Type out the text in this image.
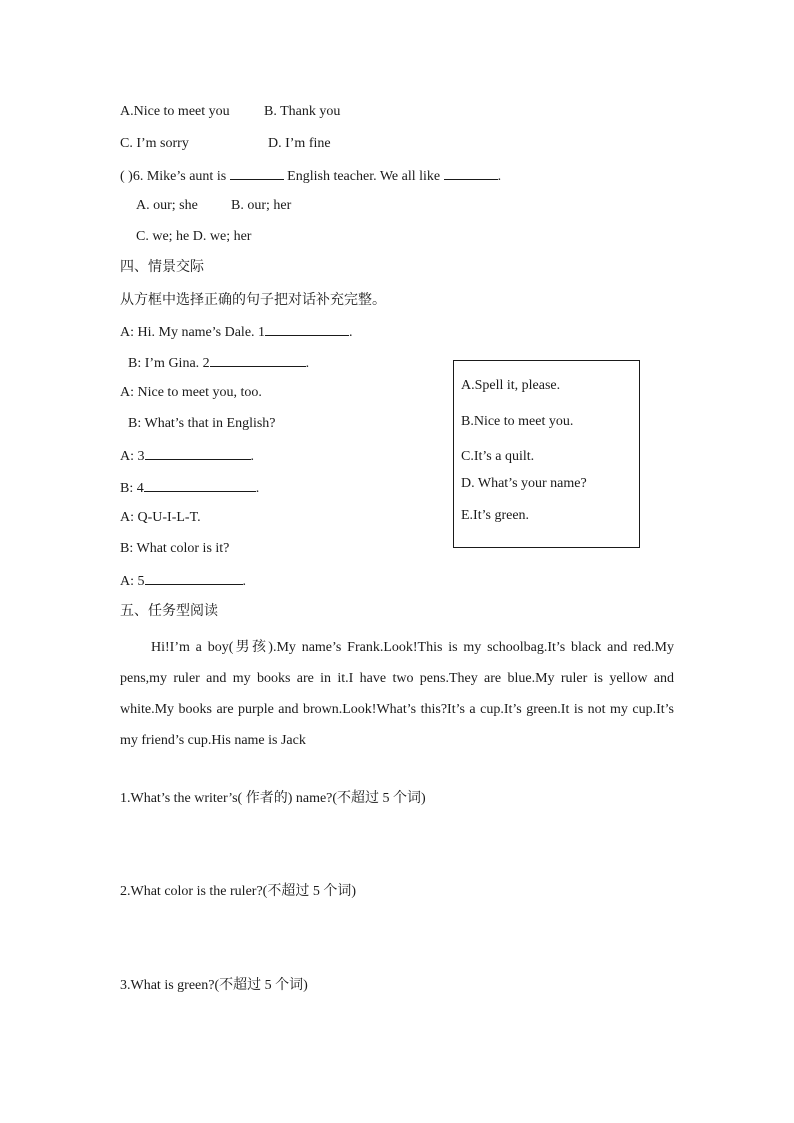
A.Nice to meet you B. Thank you
C. I’m sorry	D. I’m fine
( )6. Mike’s aunt is	English teacher. We all like	.
A. our; she B. our; her
C. we; he D. we; her
四、情景交际
从方框中选择正确的句子把对话补充完整。
A: Hi. My name’s Dale. 1	.
B: I’m Gina. 2	.
A: Nice to meet you, too.
B: What’s that in English?
A: 3	.
B: 4	.
A: Q-U-I-L-T.
B: What color is it?
A: 5	.
A.Spell it, please.
B.Nice to meet you.
C.It’s a quilt.
D. What’s your name?
E.It’s green.
五、任务型阅读

Hi!I’m a boy(男孩).My name’s Frank.Look!This is my schoolbag.It’s black and red.My pens,my ruler and my books are in it.I have two pens.They are blue.My ruler is yellow and white.My books are purple and brown.Look!What’s this?It’s a cup.It’s green.It is not my cup.It’s my friend’s cup.His name is Jack

1.What’s the writer’s( 作者的) name?(不超过 5 个词)
2.What color is the ruler?(不超过 5 个词)
3.What is green?(不超过 5 个词)
